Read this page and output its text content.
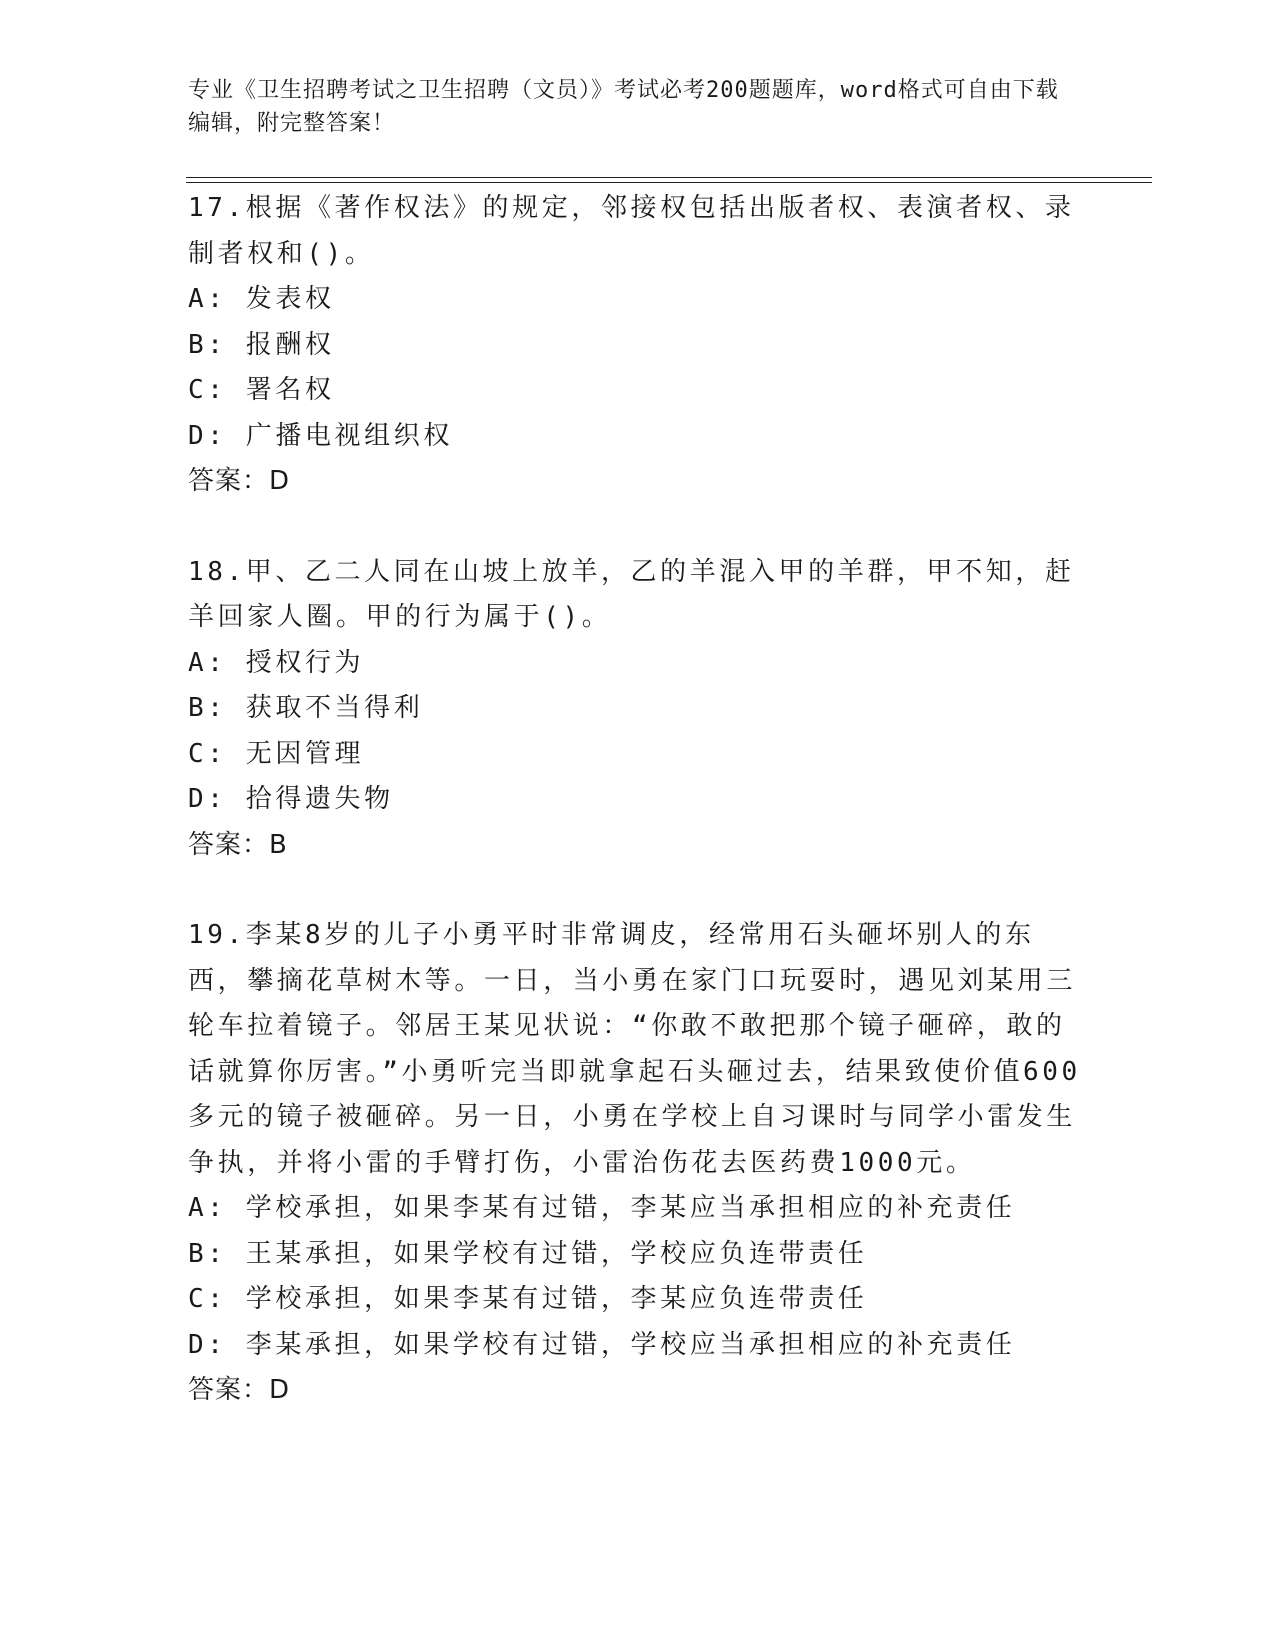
专业《卫生招聘考试之卫生招聘（文员）》考试必考200题题库，word格式可自由下载编辑，附完整答案！
17.根据《著作权法》的规定，邻接权包括出版者权、表演者权、录制者权和()。
A: 发表权
B: 报酬权
C: 署名权
D: 广播电视组织权
答案：D
18.甲、乙二人同在山坡上放羊，乙的羊混入甲的羊群，甲不知，赶羊回家人圈。甲的行为属于()。
A: 授权行为
B: 获取不当得利
C: 无因管理
D: 拾得遗失物
答案：B
19.李某8岁的儿子小勇平时非常调皮，经常用石头砸坏别人的东西，攀摘花草树木等。一日，当小勇在家门口玩耍时，遇见刘某用三轮车拉着镜子。邻居王某见状说：“你敢不敢把那个镜子砸碎，敢的话就算你厉害。”小勇听完当即就拿起石头砸过去，结果致使价值600多元的镜子被砸碎。另一日，小勇在学校上自习课时与同学小雷发生争执，并将小雷的手臂打伤，小雷治伤花去医药费1000元。
A: 学校承担，如果李某有过错，李某应当承担相应的补充责任
B: 王某承担，如果学校有过错，学校应负连带责任
C: 学校承担，如果李某有过错，李某应负连带责任
D: 李某承担，如果学校有过错，学校应当承担相应的补充责任
答案：D
